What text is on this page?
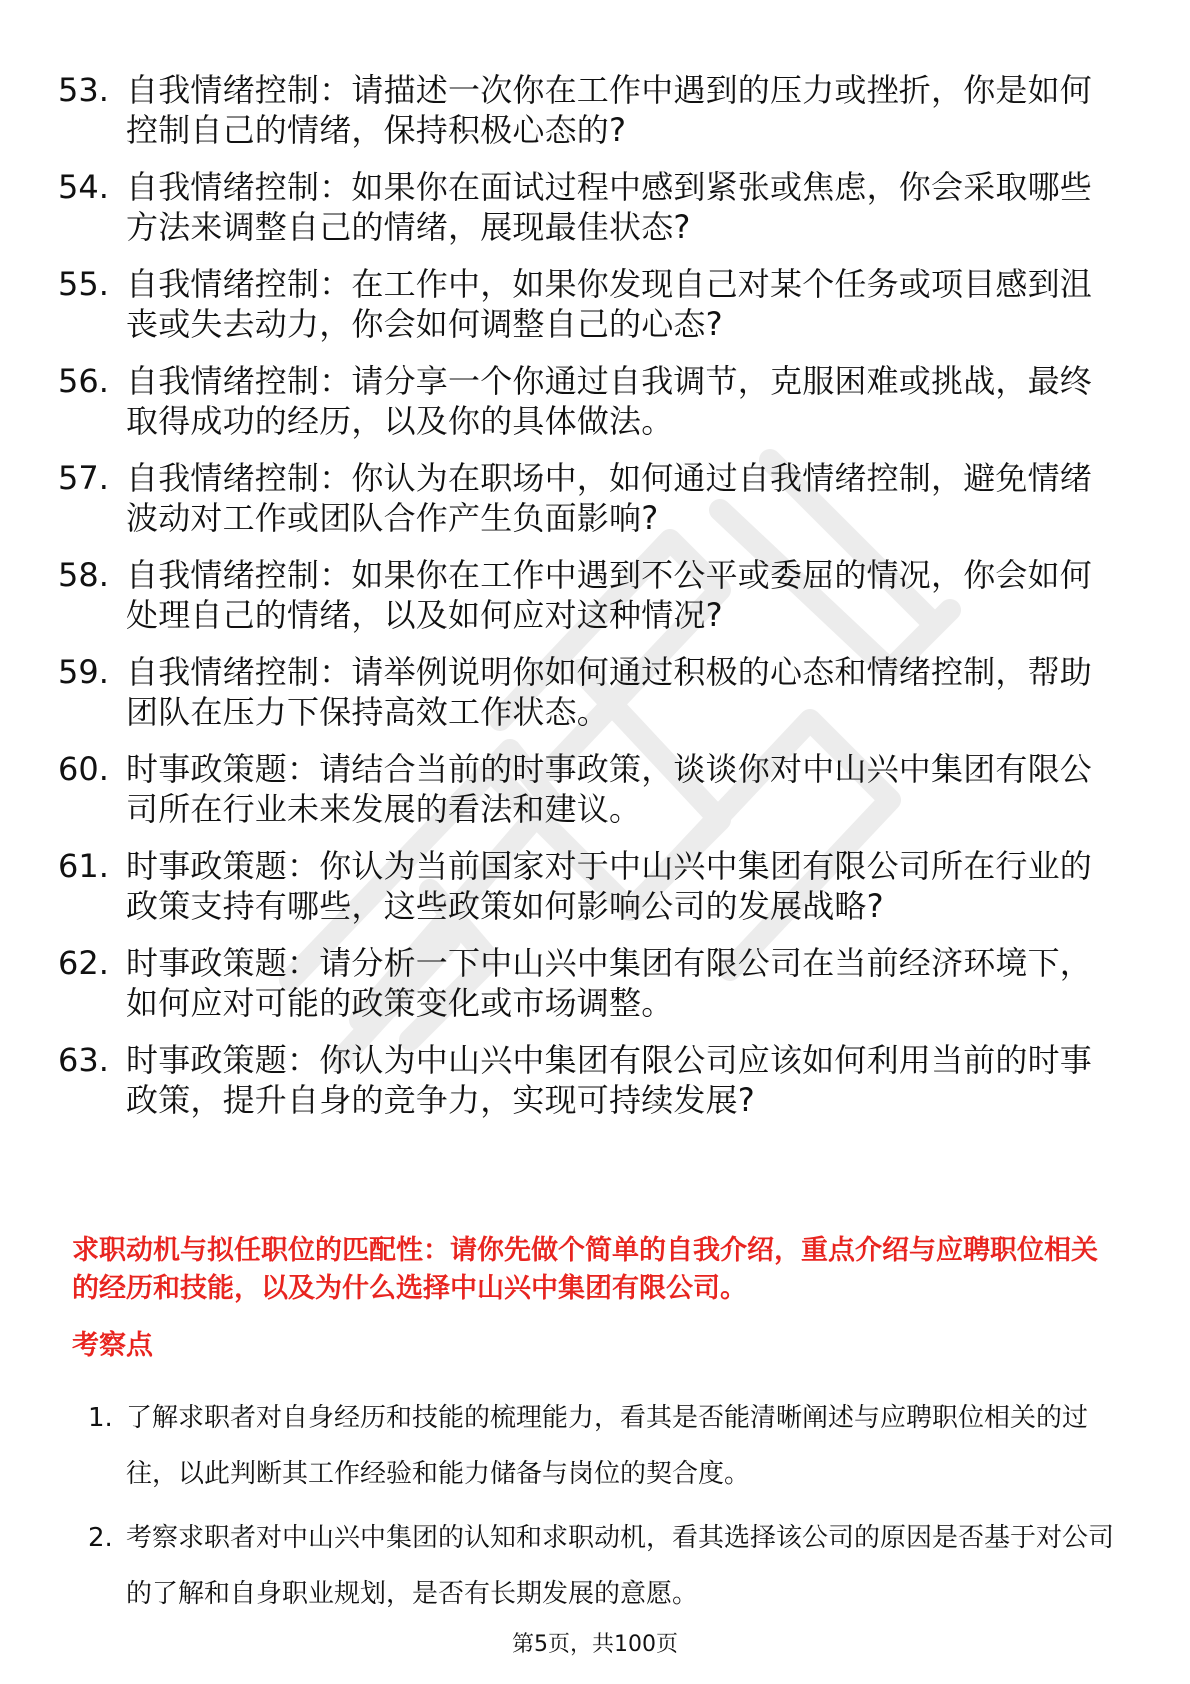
53. 自我情绪控制：请描述一次你在工作中遇到的压力或挫折，你是如何控制自己的情绪，保持积极心态的?
54. 自我情绪控制：如果你在面试过程中感到紧张或焦虑，你会采取哪些方法来调整自己的情绪，展现最佳状态?
55. 自我情绪控制：在工作中，如果你发现自己对某个任务或项目感到沮丧或失去动力，你会如何调整自己的心态?
56. 自我情绪控制：请分享一个你通过自我调节，克服困难或挑战，最终取得成功的经历，以及你的具体做法。
57. 自我情绪控制：你认为在职场中，如何通过自我情绪控制，避免情绪波动对工作或团队合作产生负面影响?
58. 自我情绪控制：如果你在工作中遇到不公平或委屈的情况，你会如何处理自己的情绪，以及如何应对这种情况?
59. 自我情绪控制：请举例说明你如何通过积极的心态和情绪控制，帮助团队在压力下保持高效工作状态。
60. 时事政策题：请结合当前的时事政策，谈谈你对中山兴中集团有限公司所在行业未来发展的看法和建议。
61. 时事政策题：你认为当前国家对于中山兴中集团有限公司所在行业的政策支持有哪些，这些政策如何影响公司的发展战略?
62. 时事政策题：请分析一下中山兴中集团有限公司在当前经济环境下，如何应对可能的政策变化或市场调整。
63. 时事政策题：你认为中山兴中集团有限公司应该如何利用当前的时事政策，提升自身的竞争力，实现可持续发展?
求职动机与拟任职位的匹配性：请你先做个简单的自我介绍，重点介绍与应聘职位相关的经历和技能，以及为什么选择中山兴中集团有限公司。
考察点
1. 了解求职者对自身经历和技能的梳理能力，看其是否能清晰阐述与应聘职位相关的过往，以此判断其工作经验和能力储备与岗位的契合度。
2. 考察求职者对中山兴中集团的认知和求职动机，看其选择该公司的原因是否基于对公司的了解和自身职业规划，是否有长期发展的意愿。
第5页，共100页
